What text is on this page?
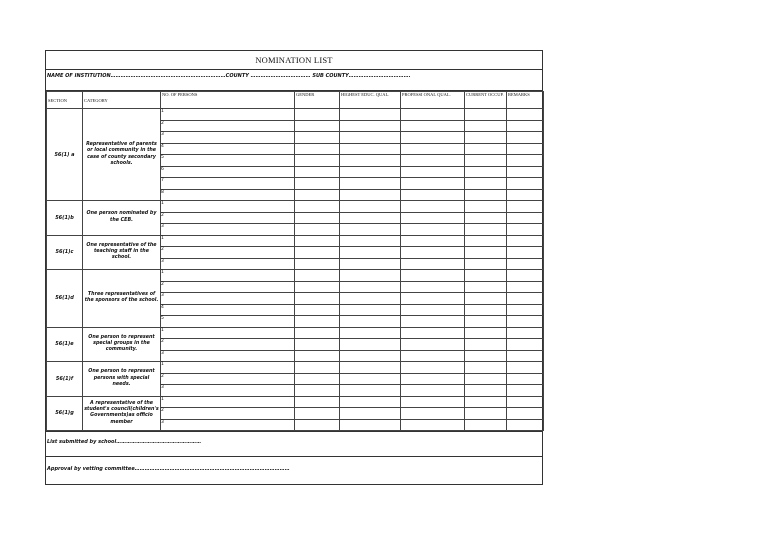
NOMINATION LIST
NAME OF INSTITUTION……………………………………………………………COUNTY ……………………………… SUB COUNTY……………………………….
SECTION	CATEGORY	NO. OF PERSONS	GENDER	HIGHEST EDUC. QUAL.	PROFESSI ONAL QUAL.	CURRENT OCCUP.	REMARKS
56(1) a	Representative of parents or local community in the case of county secondary schools.	1					
		2					
		3					
		4					
		5					
		6					
		7					
		8					
56(1)b	One person nominated by the CEB.	1					
		2					
		3					
56(1)c	One representative of the teaching staff in the school.	1					
		2					
		3					
56(1)d	Three representatives of the sponsors of the school.	1					
		2					
		3					
		4					
		5					
56(1)e	One person to represent special groups in the community.	1					
		2					
		3					
56(1)f	One person to represent persons with special needs.	1					
		2					
		3					
56(1)g	A representative of the student's council(children's Governments)as officio member	1					
		2					
		3					
List submitted by school……………………………………………
Approval by vetting committee…………………………………………………………………………………
